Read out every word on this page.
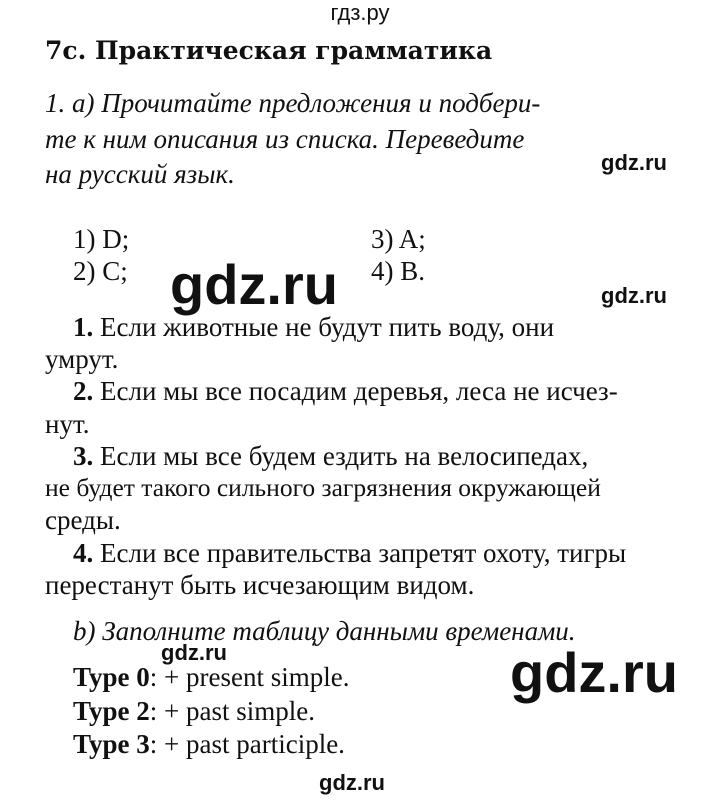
гдз.ру
7c. Практическая грамматика
1. a) Прочитайте предложения и подбери-
те к ним описания из списка. Переведите
на русский язык.
1) D;
2) C;
3) A;
4) B.
1. Если животные не будут пить воду, они
умрут.
2. Если мы все посадим деревья, леса не исчез-
нут.
3. Если мы все будем ездить на велосипедах,
не будет такого сильного загрязнения окружающей
среды.
4. Если все правительства запретят охоту, тигры
перестанут быть исчезающим видом.
b) Заполните таблицу данными временами.
Type 0: + present simple.
Type 2: + past simple.
Type 3: + past participle.
gdz.ru
gdz.ru
gdz.ru
gdz.ru
gdz.ru
gdz.ru
